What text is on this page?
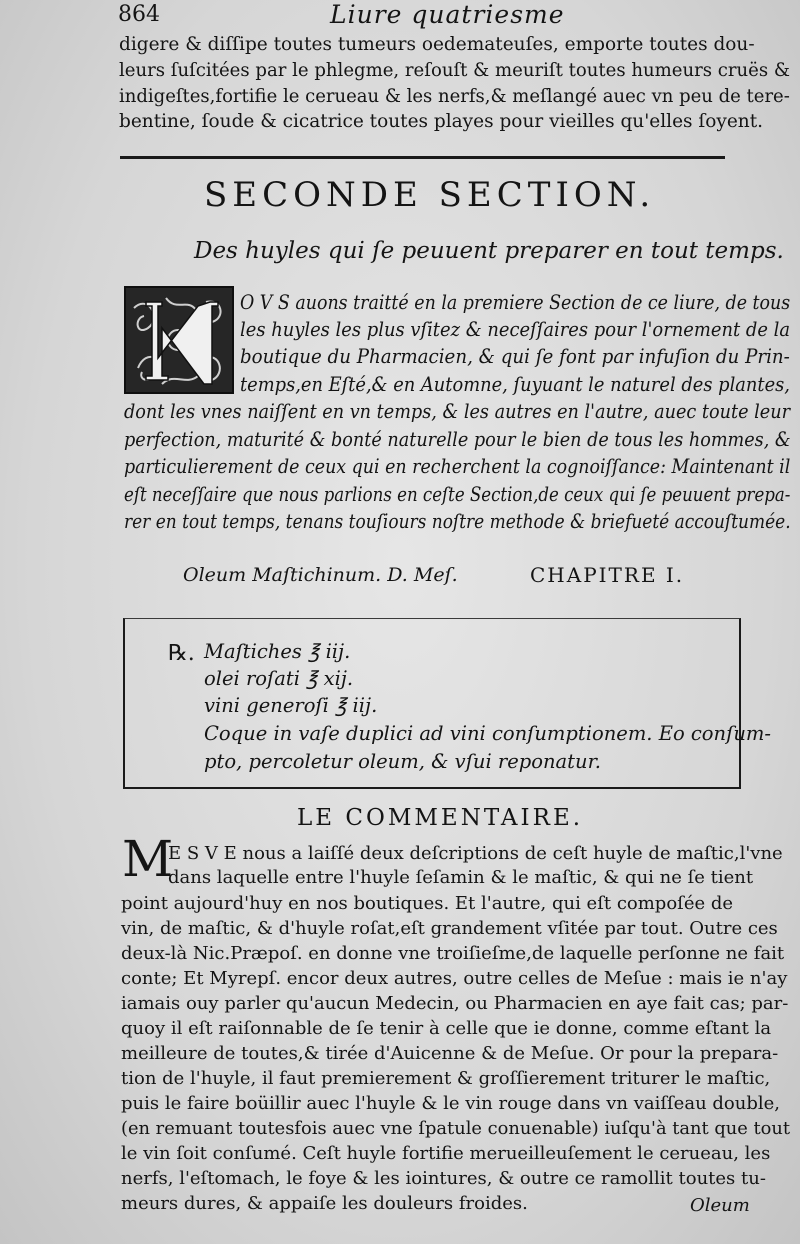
864	Liure quatriesme
digere & diſſipe toutes tumeurs oedemateuſes, emporte toutes dou-
leurs ſuſcitées par le phlegme, reſouſt & meuriſt toutes humeurs cruës &
indigeſtes,fortifie le cerueau & les nerfs,& meſlangé auec vn peu de tere-
bentine, ſoude & cicatrice toutes playes pour vieilles qu'elles ſoyent.
SECONDE SECTION.
Des huyles qui ſe peuuent preparer en tout temps.
O V S auons traitté en la premiere Section de ce liure, de tous
les huyles les plus vſitez & neceſſaires pour l'ornement de la
boutique du Pharmacien, & qui ſe font par infuſion du Prin-
temps,en Eſté,& en Automne, ſuyuant le naturel des plantes,
dont les vnes naiſſent en vn temps, & les autres en l'autre, auec toute leur
perfection, maturité & bonté naturelle pour le bien de tous les hommes, &
particulierement de ceux qui en recherchent la cognoiſſance: Maintenant il
eſt neceſſaire que nous parlions en ceſte Section,de ceux qui ſe peuuent prepa-
rer en tout temps, tenans touſiours noſtre methode & briefueté accouſtumée.
Oleum Maſtichinum. D. Meſ.	CHAPITRE I.
℞. Maſtiches ℥ iij.
olei roſati ℥ xij.
vini generoſi ℥ iij.
Coque in vaſe duplici ad vini conſumptionem. Eo conſum-
pto, percoletur oleum, & vſui reponatur.
LE COMMENTAIRE.
M
E S V E nous a laiſſé deux deſcriptions de ceſt huyle de maſtic,l'vne
dans laquelle entre l'huyle ſeſamin & le maſtic, & qui ne ſe tient
point aujourd'huy en nos boutiques. Et l'autre, qui eſt compoſée de
vin, de maſtic, & d'huyle roſat,eſt grandement vſitée par tout. Outre ces
deux-là Nic.Præpoſ. en donne vne troiſieſme,de laquelle perſonne ne fait
conte; Et Myrepſ. encor deux autres, outre celles de Meſue : mais ie n'ay
iamais ouy parler qu'aucun Medecin, ou Pharmacien en aye fait cas; par-
quoy il eſt raiſonnable de ſe tenir à celle que ie donne, comme eſtant la
meilleure de toutes,& tirée d'Auicenne & de Meſue. Or pour la prepara-
tion de l'huyle, il faut premierement & groſſierement triturer le maſtic,
puis le faire boüillir auec l'huyle & le vin rouge dans vn vaiſſeau double,
(en remuant toutesfois auec vne ſpatule conuenable) iuſqu'à tant que tout
le vin ſoit conſumé. Ceſt huyle fortifie merueilleuſement le cerueau, les
nerfs, l'eſtomach, le foye & les iointures, & outre ce ramollit toutes tu-
meurs dures, & appaiſe les douleurs froides.	Oleum
